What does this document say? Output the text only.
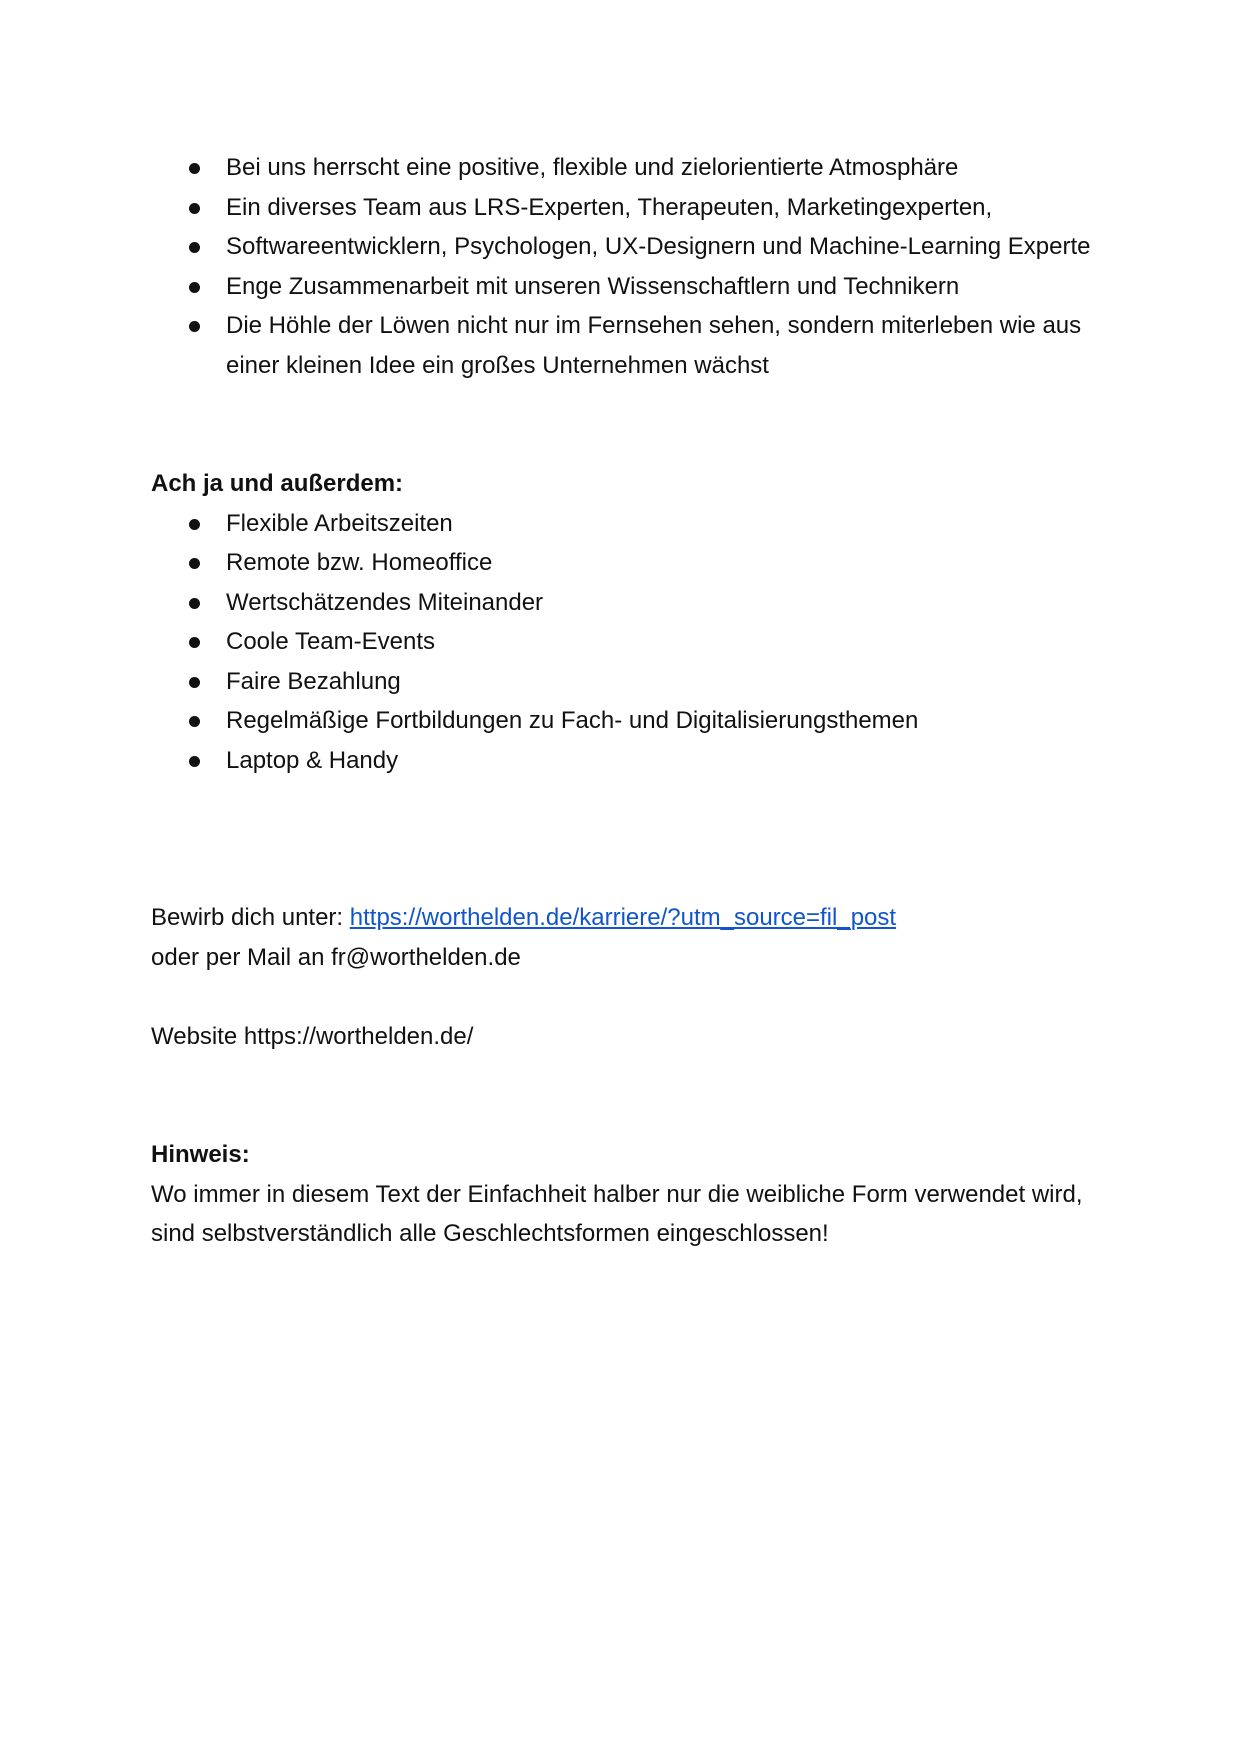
Bei uns herrscht eine positive, flexible und zielorientierte Atmosphäre
Ein diverses Team aus LRS-Experten, Therapeuten, Marketingexperten,
Softwareentwicklern, Psychologen, UX-Designern und Machine-Learning Experte
Enge Zusammenarbeit mit unseren Wissenschaftlern und Technikern
Die Höhle der Löwen nicht nur im Fernsehen sehen, sondern miterleben wie aus einer kleinen Idee ein großes Unternehmen wächst

Ach ja und außerdem:

Flexible Arbeitszeiten
Remote bzw. Homeoffice
Wertschätzendes Miteinander
Coole Team-Events
Faire Bezahlung
Regelmäßige Fortbildungen zu Fach- und Digitalisierungsthemen
Laptop & Handy

Bewirb dich unter: https://worthelden.de/karriere/?utm_source=fil_post

oder per Mail an fr@worthelden.de

Website https://worthelden.de/

Hinweis:

Wo immer in diesem Text der Einfachheit halber nur die weibliche Form verwendet wird, sind selbstverständlich alle Geschlechtsformen eingeschlossen!
